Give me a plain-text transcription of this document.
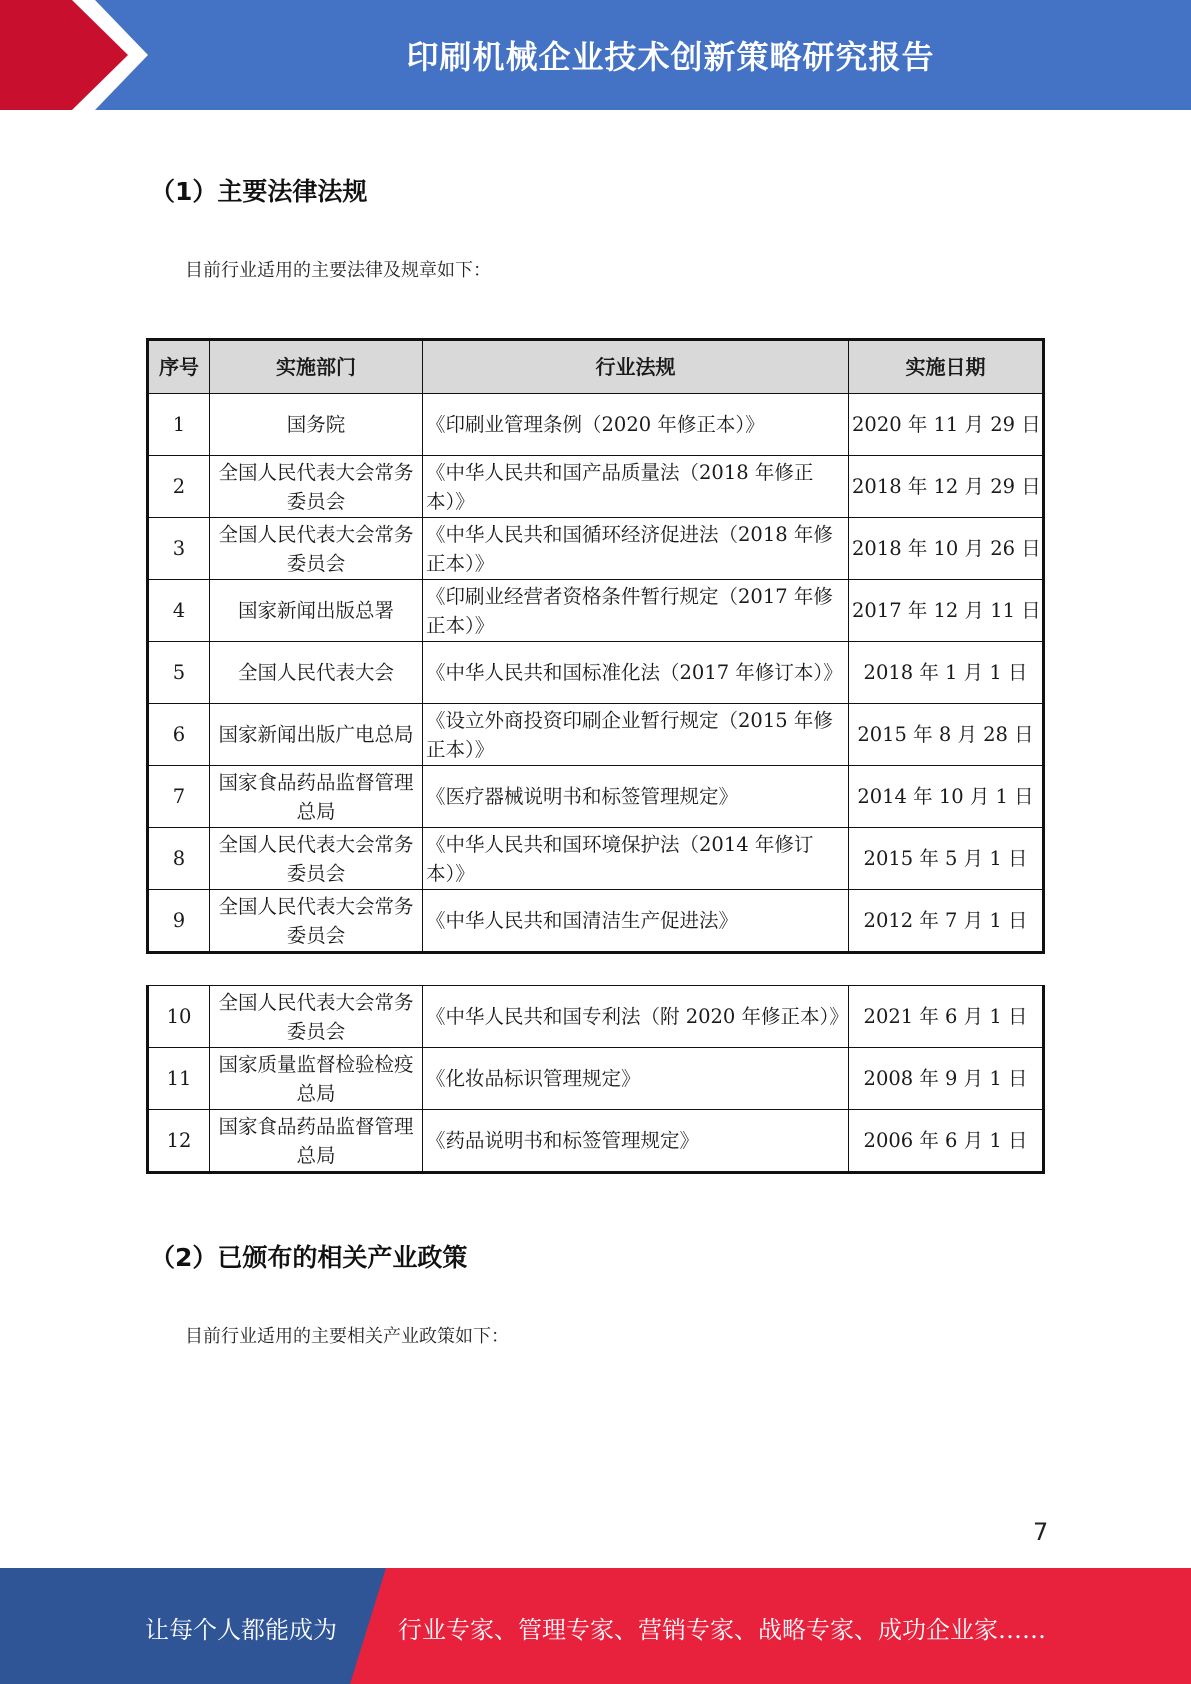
印刷机械企业技术创新策略研究报告
（1）主要法律法规
目前行业适用的主要法律及规章如下：
序号	实施部门	行业法规	实施日期
1	国务院	《印刷业管理条例（2020 年修正本）》	2020 年 11 月 29 日
2	全国人民代表大会常务委员会	《中华人民共和国产品质量法（2018 年修正本）》	2018 年 12 月 29 日
3	全国人民代表大会常务委员会	《中华人民共和国循环经济促进法（2018 年修正本）》	2018 年 10 月 26 日
4	国家新闻出版总署	《印刷业经营者资格条件暂行规定（2017 年修正本）》	2017 年 12 月 11 日
5	全国人民代表大会	《中华人民共和国标准化法（2017 年修订本）》	2018 年 1 月 1 日
6	国家新闻出版广电总局	《设立外商投资印刷企业暂行规定（2015 年修正本）》	2015 年 8 月 28 日
7	国家食品药品监督管理总局	《医疗器械说明书和标签管理规定》	2014 年 10 月 1 日
8	全国人民代表大会常务委员会	《中华人民共和国环境保护法（2014 年修订本）》	2015 年 5 月 1 日
9	全国人民代表大会常务委员会	《中华人民共和国清洁生产促进法》	2012 年 7 月 1 日
10	全国人民代表大会常务委员会	《中华人民共和国专利法（附 2020 年修正本）》	2021 年 6 月 1 日
11	国家质量监督检验检疫总局	《化妆品标识管理规定》	2008 年 9 月 1 日
12	国家食品药品监督管理总局	《药品说明书和标签管理规定》	2006 年 6 月 1 日
（2）已颁布的相关产业政策
目前行业适用的主要相关产业政策如下：
7
让每个人都能成为	行业专家、管理专家、营销专家、战略专家、成功企业家……
